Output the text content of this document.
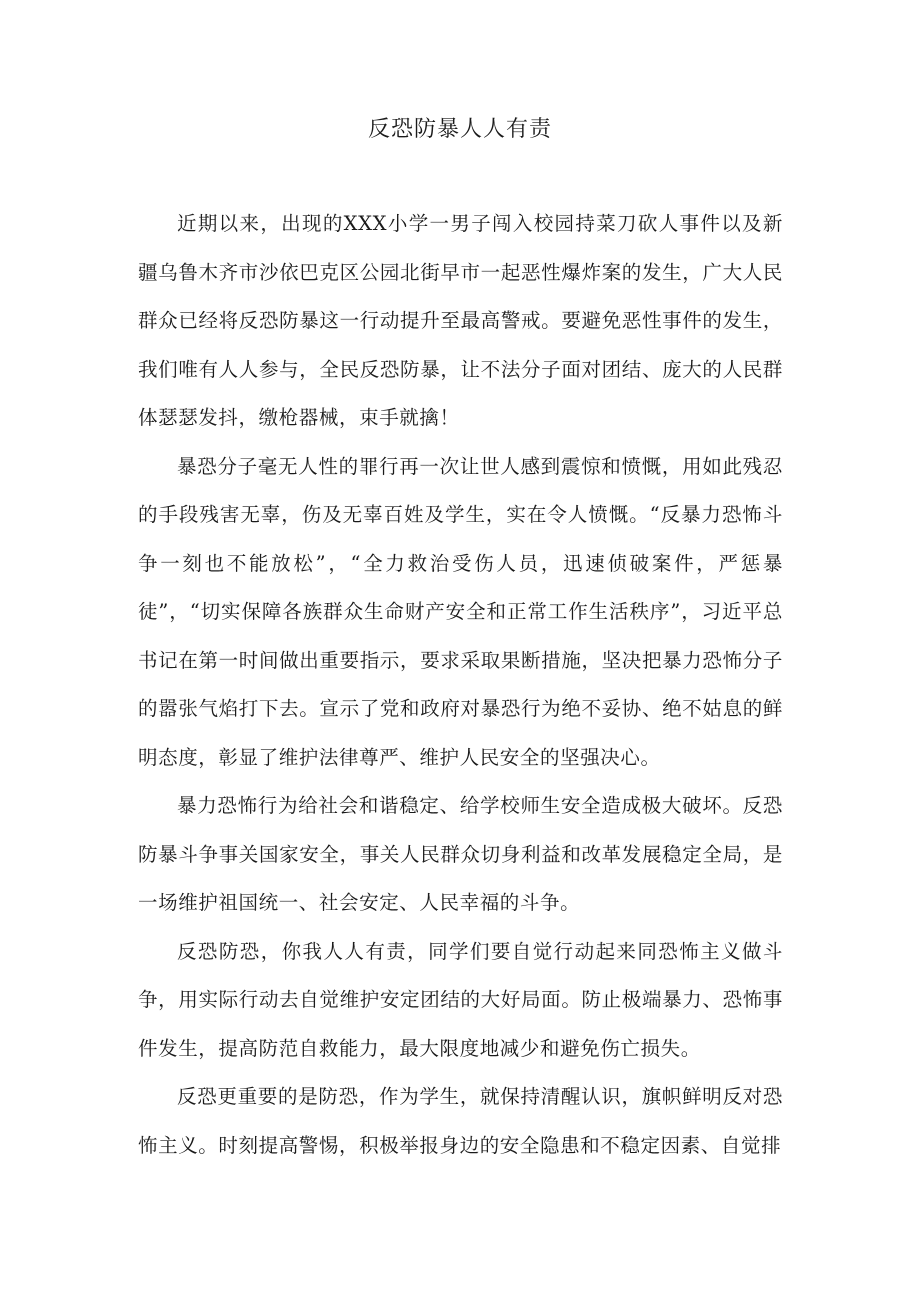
反恐防暴人人有责

近期以来，出现的XXX小学一男子闯入校园持菜刀砍人事件以及新疆乌鲁木齐市沙依巴克区公园北街早市一起恶性爆炸案的发生，广大人民群众已经将反恐防暴这一行动提升至最高警戒。要避免恶性事件的发生，我们唯有人人参与，全民反恐防暴，让不法分子面对团结、庞大的人民群体瑟瑟发抖，缴枪器械，束手就擒！

暴恐分子毫无人性的罪行再一次让世人感到震惊和愤慨，用如此残忍的手段残害无辜，伤及无辜百姓及学生，实在令人愤慨。“反暴力恐怖斗争一刻也不能放松”，“全力救治受伤人员，迅速侦破案件，严惩暴徒”，“切实保障各族群众生命财产安全和正常工作生活秩序”，习近平总书记在第一时间做出重要指示，要求采取果断措施，坚决把暴力恐怖分子的嚣张气焰打下去。宣示了党和政府对暴恐行为绝不妥协、绝不姑息的鲜明态度，彰显了维护法律尊严、维护人民安全的坚强决心。

暴力恐怖行为给社会和谐稳定、给学校师生安全造成极大破坏。反恐防暴斗争事关国家安全，事关人民群众切身利益和改革发展稳定全局，是一场维护祖国统一、社会安定、人民幸福的斗争。

反恐防恐，你我人人有责，同学们要自觉行动起来同恐怖主义做斗争，用实际行动去自觉维护安定团结的大好局面。防止极端暴力、恐怖事件发生，提高防范自救能力，最大限度地减少和避免伤亡损失。

反恐更重要的是防恐，作为学生，就保持清醒认识，旗帜鲜明反对恐怖主义。时刻提高警惕，积极举报身边的安全隐患和不稳定因素、自觉排
